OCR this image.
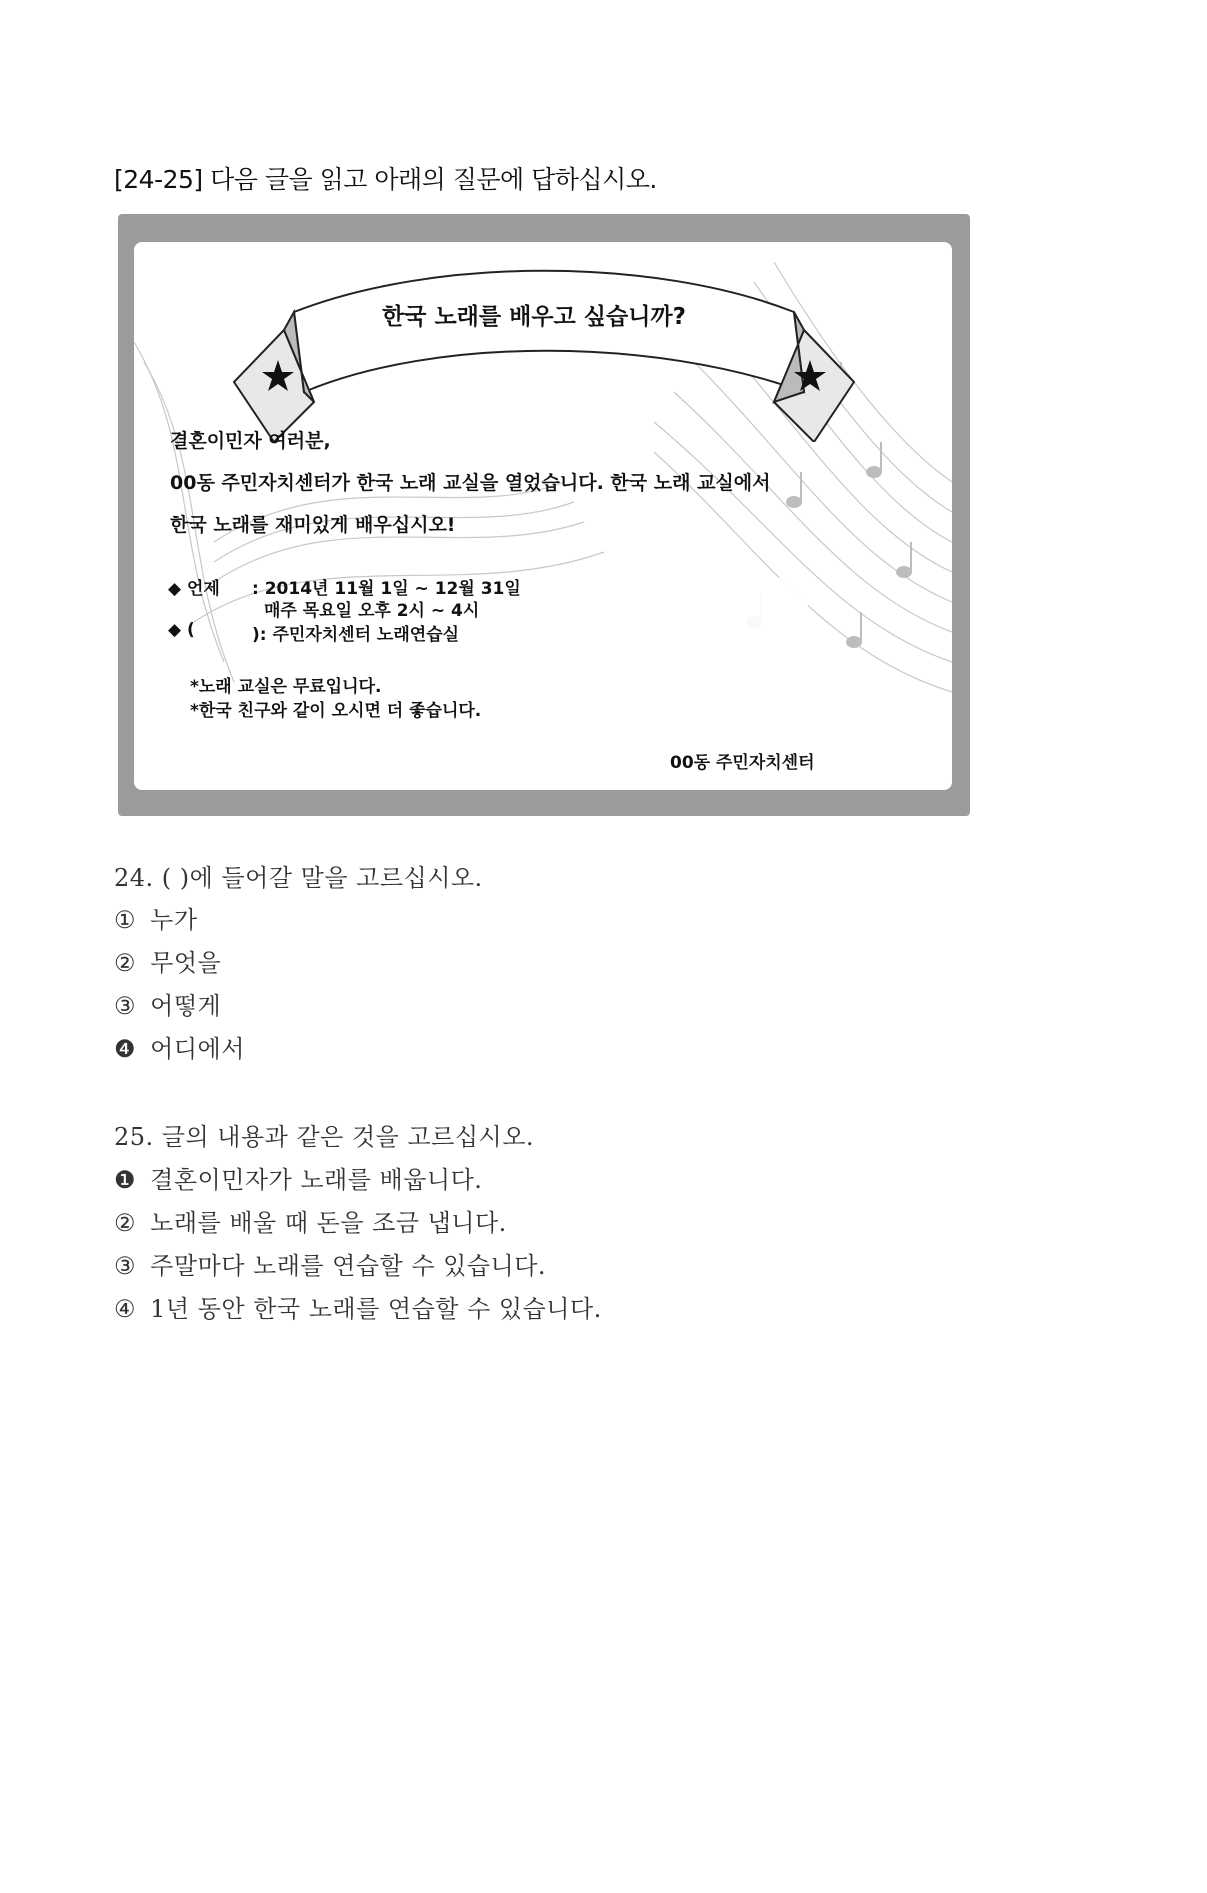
[24-25] 다음 글을 읽고 아래의 질문에 답하십시오.
한국 노래를 배우고 싶습니까?
결혼이민자 여러분,
00동 주민자치센터가 한국 노래 교실을 열었습니다. 한국 노래 교실에서
한국 노래를 재미있게 배우십시오!
◆ 언제 : 2014년 11월 1일 ~ 12월 31일
매주 목요일 오후 2시 ~ 4시
◆ (	): 주민자치센터 노래연습실
*노래 교실은 무료입니다.
*한국 친구와 같이 오시면 더 좋습니다.
00동 주민자치센터
24. ( )에 들어갈 말을 고르십시오.
① 누가
② 무엇을
③ 어떻게
❹ 어디에서
25. 글의 내용과 같은 것을 고르십시오.
❶ 결혼이민자가 노래를 배웁니다.
② 노래를 배울 때 돈을 조금 냅니다.
③ 주말마다 노래를 연습할 수 있습니다.
④ 1년 동안 한국 노래를 연습할 수 있습니다.
